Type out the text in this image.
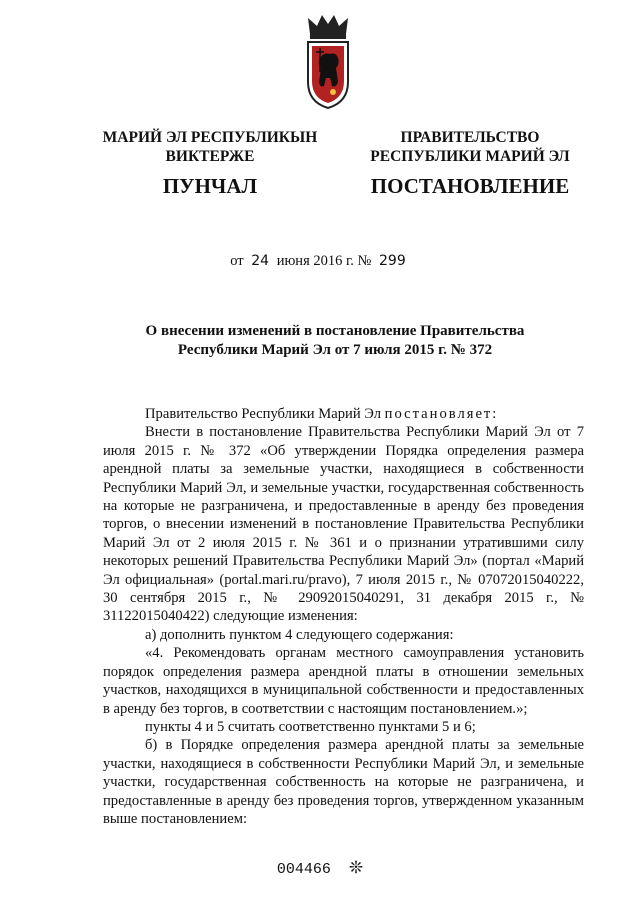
МАРИЙ ЭЛ РЕСПУБЛИКЫН
ВИКТЕРЖЕ
ПРАВИТЕЛЬСТВО
РЕСПУБЛИКИ МАРИЙ ЭЛ
ПУНЧАЛ	ПОСТАНОВЛЕНИЕ
от 24 июня 2016 г. № 299
О внесении изменений в постановление Правительства
Республики Марий Эл от 7 июля 2015 г. № 372

Правительство Республики Марий Эл постановляет:

Внести в постановление Правительства Республики Марий Эл от 7 июля 2015 г. № 372 «Об утверждении Порядка определения размера арендной платы за земельные участки, находящиеся в собственности Республики Марий Эл, и земельные участки, государственная собственность на которые не разграничена, и предоставленные в аренду без проведения торгов, о внесении изменений в постановление Правительства Республики Марий Эл от 2 июля 2015 г. № 361 и о признании утратившими силу некоторых решений Правительства Республики Марий Эл» (портал «Марий Эл официальная» (portal.mari.ru/pravo), 7 июля 2015 г., № 07072015040222, 30 сентября 2015 г., № 29092015040291, 31 декабря 2015 г., № 31122015040422) следующие изменения:

а) дополнить пунктом 4 следующего содержания:

«4. Рекомендовать органам местного самоуправления установить порядок определения размера арендной платы в отношении земельных участков, находящихся в муниципальной собственности и предоставленных в аренду без торгов, в соответствии с настоящим постановлением.»;

пункты 4 и 5 считать соответственно пунктами 5 и 6;

б) в Порядке определения размера арендной платы за земельные участки, находящиеся в собственности Республики Марий Эл, и земельные участки, государственная собственность на которые не разграничена, и предоставленные в аренду без проведения торгов, утвержденном указанным выше постановлением:

004466 ❊
